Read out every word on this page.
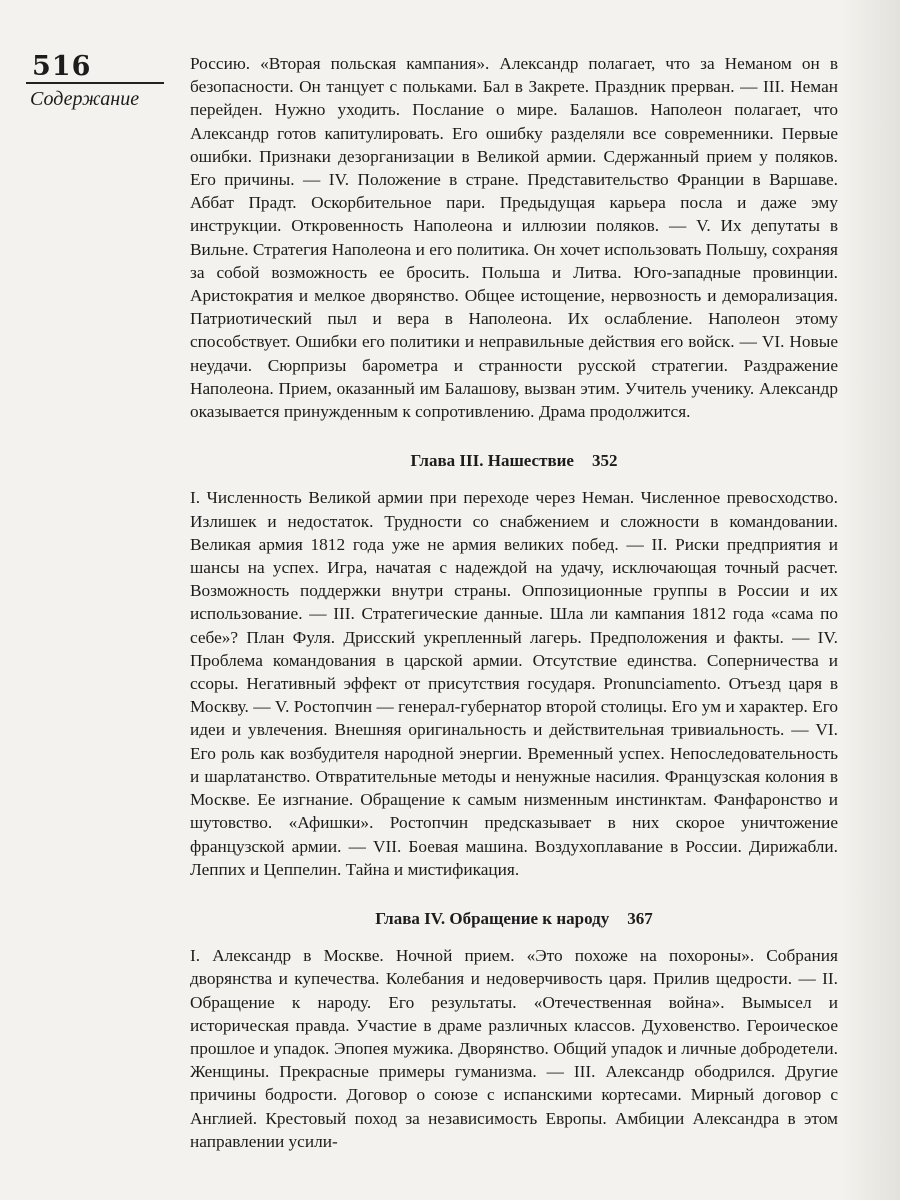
516
Содержание

Россию. «Вторая польская кампания». Александр полагает, что за Неманом он в безопасности. Он танцует с польками. Бал в Закрете. Праздник прерван. — III. Неман перейден. Нужно уходить. Послание о мире. Балашов. Наполеон полагает, что Александр готов капитулировать. Его ошибку разделяли все современники. Первые ошибки. Признаки дезорганизации в Великой армии. Сдержанный прием у поляков. Его причины. — IV. Положение в стране. Представительство Франции в Варшаве. Аббат Прадт. Оскорбительное пари. Предыдущая карьера посла и даже эму инструкции. Откровенность Наполеона и иллюзии поляков. — V. Их депутаты в Вильне. Стратегия Наполеона и его политика. Он хочет использовать Польшу, сохраняя за собой возможность ее бросить. Польша и Литва. Юго-западные провинции. Аристократия и мелкое дворянство. Общее истощение, нервозность и деморализация. Патриотический пыл и вера в Наполеона. Их ослабление. Наполеон этому способствует. Ошибки его политики и неправильные действия его войск. — VI. Новые неудачи. Сюрпризы барометра и странности русской стратегии. Раздражение Наполеона. Прием, оказанный им Балашову, вызван этим. Учитель ученику. Александр оказывается принужденным к сопротивлению. Драма продолжится.

Глава III. Нашествие 352

I. Численность Великой армии при переходе через Неман. Численное превосходство. Излишек и недостаток. Трудности со снабжением и сложности в командовании. Великая армия 1812 года уже не армия великих побед. — II. Риски предприятия и шансы на успех. Игра, начатая с надеждой на удачу, исключающая точный расчет. Возможность поддержки внутри страны. Оппозиционные группы в России и их использование. — III. Стратегические данные. Шла ли кампания 1812 года «сама по себе»? План Фуля. Дрисский укрепленный лагерь. Предположения и факты. — IV. Проблема командования в царской армии. Отсутствие единства. Соперничества и ссоры. Негативный эффект от присутствия государя. Pronunciamento. Отъезд царя в Москву. — V. Ростопчин — генерал-губернатор второй столицы. Его ум и характер. Его идеи и увлечения. Внешняя оригинальность и действительная тривиальность. — VI. Его роль как возбудителя народной энергии. Временный успех. Непоследовательность и шарлатанство. Отвратительные методы и ненужные насилия. Французская колония в Москве. Ее изгнание. Обращение к самым низменным инстинктам. Фанфаронство и шутовство. «Афишки». Ростопчин предсказывает в них скорое уничтожение французской армии. — VII. Боевая машина. Воздухоплавание в России. Дирижабли. Леппих и Цеппелин. Тайна и мистификация.

Глава IV. Обращение к народу 367

I. Александр в Москве. Ночной прием. «Это похоже на похороны». Собрания дворянства и купечества. Колебания и недоверчивость царя. Прилив щедрости. — II. Обращение к народу. Его результаты. «Отечественная война». Вымысел и историческая правда. Участие в драме различных классов. Духовенство. Героическое прошлое и упадок. Эпопея мужика. Дворянство. Общий упадок и личные добродетели. Женщины. Прекрасные примеры гуманизма. — III. Александр ободрился. Другие причины бодрости. Договор о союзе с испанскими кортесами. Мирный договор с Англией. Крестовый поход за независимость Европы. Амбиции Александра в этом направлении усили-
